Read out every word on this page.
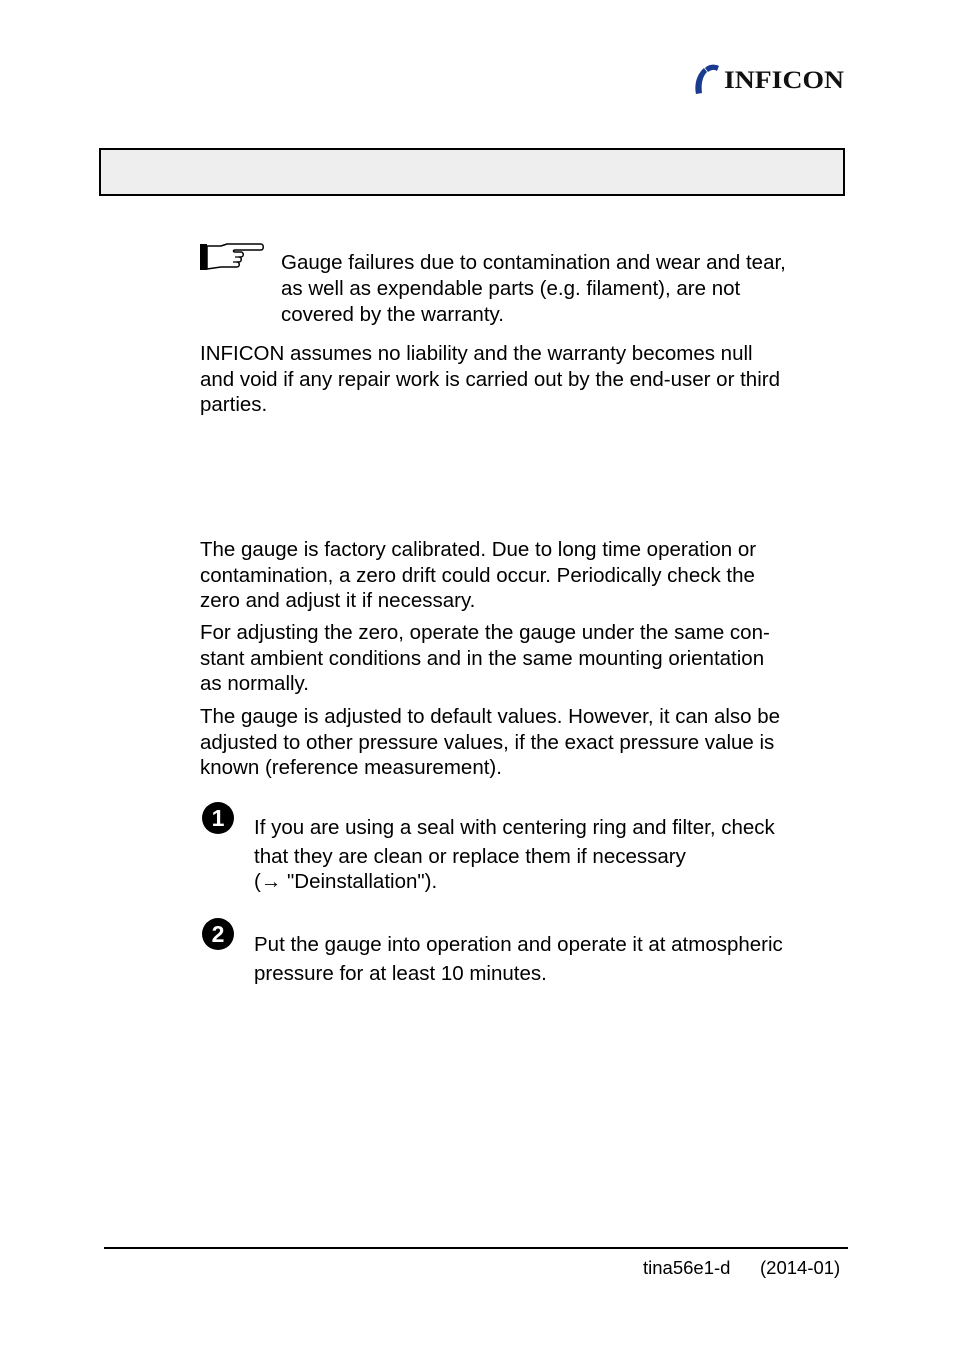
INFICON

Gauge failures due to contamination and wear and tear,
as well as expendable parts (e.g. filament), are not
covered by the warranty.

INFICON assumes no liability and the warranty becomes null
and void if any repair work is carried out by the end-user or third
parties.

The gauge is factory calibrated. Due to long time operation or
contamination, a zero drift could occur. Periodically check the
zero and adjust it if necessary.

For adjusting the zero, operate the gauge under the same con-
stant ambient conditions and in the same mounting orientation
as normally.

The gauge is adjusted to default values. However, it can also be
adjusted to other pressure values, if the exact pressure value is
known (reference measurement).

1 If you are using a seal with centering ring and filter, check
that they are clean or replace them if necessary
(→ "Deinstallation").

2 Put the gauge into operation and operate it at atmospheric
pressure for at least 10 minutes.

tina56e1-d (2014-01)
